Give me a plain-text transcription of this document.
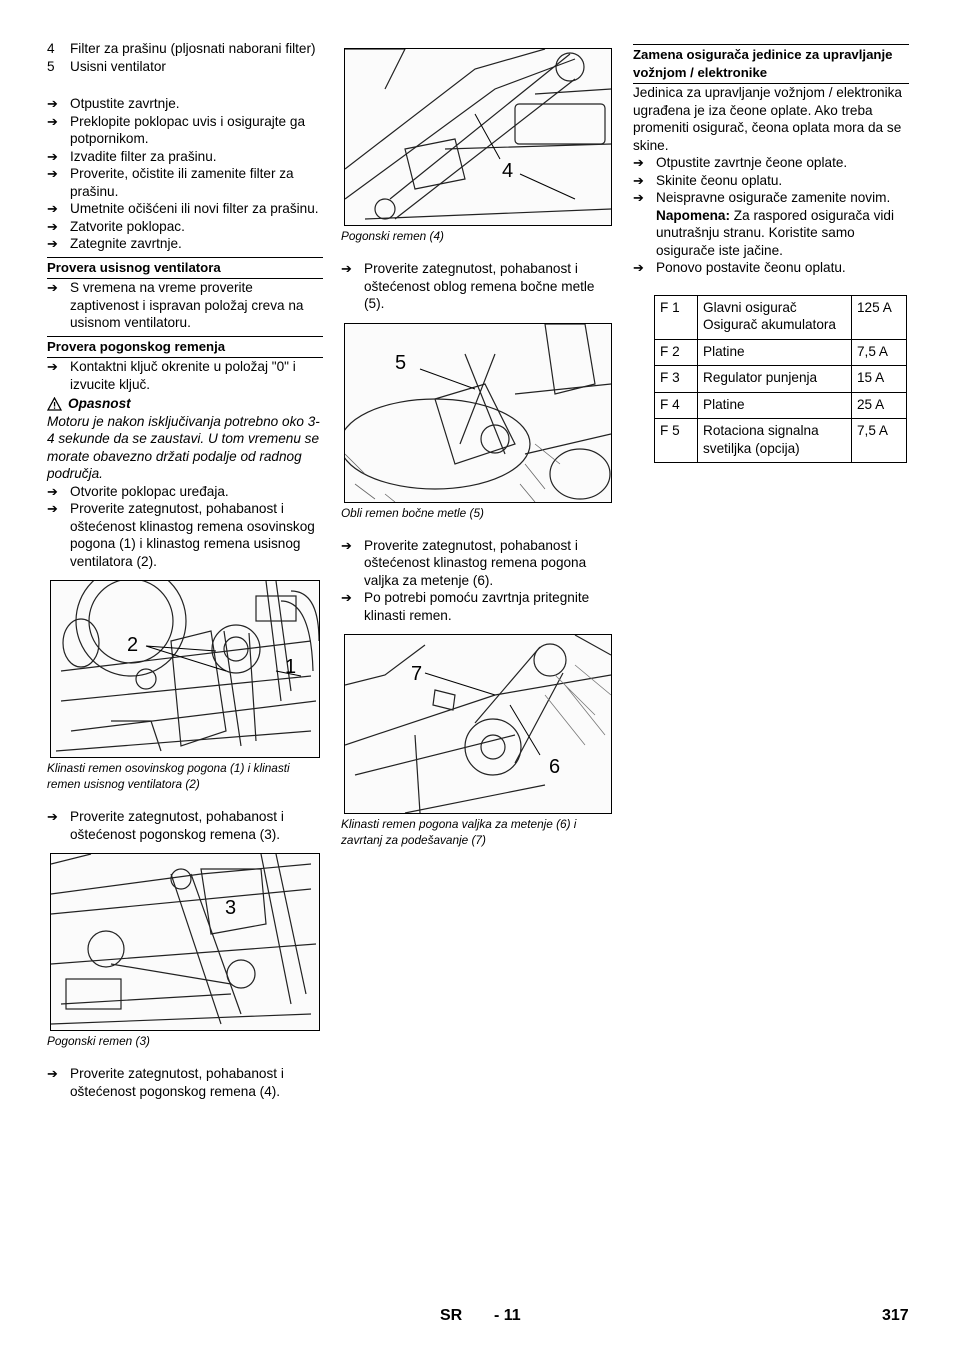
4	Filter za prašinu (pljosnati naborani filter)
5	Usisni ventilator
➔ Otpustite zavrtnje.
➔ Preklopite poklopac uvis i osigurajte ga potpornikom.
➔ Izvadite filter za prašinu.
➔ Proverite, očistite ili zamenite filter za prašinu.
➔ Umetnite očišćeni ili novi filter za prašinu.
➔ Zatvorite poklopac.
➔ Zategnite zavrtnje.
Provera usisnog ventilatora
➔ S vremena na vreme proverite zaptivenost i ispravan položaj creva na usisnom ventilatoru.
Provera pogonskog remenja
➔ Kontaktni ključ okrenite u položaj "0" i izvucite ključ.
Opasnost

Motoru je nakon isključivanja potrebno oko 3-4 sekunde da se zaustavi. U tom vremenu se morate obavezno držati podalje od radnog područja.

➔ Otvorite poklopac uređaja.
➔ Proverite zategnutost, pohabanost i oštećenost klinastog remena osovinskog pogona (1) i klinastog remena usisnog ventilatora (2).
2
1

Klinasti remen osovinskog pogona (1) i klinasti remen usisnog ventilatora (2)

➔ Proverite zategnutost, pohabanost i oštećenost pogonskog remena (3).
3

Pogonski remen (3)

➔ Proverite zategnutost, pohabanost i oštećenost pogonskog remena (4).
4

Pogonski remen (4)

➔ Proverite zategnutost, pohabanost i oštećenost oblog remena bočne metle (5).
5

Obli remen bočne metle (5)

➔ Proverite zategnutost, pohabanost i oštećenost klinastog remena pogona valjka za metenje (6).
➔ Po potrebi pomoću zavrtnja pritegnite klinasti remen.
7
6

Klinasti remen pogona valjka za metenje (6) i zavrtanj za podešavanje (7)

Zamena osigurača jedinice za upravljanje vožnjom / elektronike

Jedinica za upravljanje vožnjom / elektronika ugrađena je iza čeone oplate. Ako treba promeniti osigurač, čeona oplata mora da se skine.

➔ Otpustite zavrtnje čeone oplate.
➔ Skinite čeonu oplatu.
➔ Neispravne osigurače zamenite novim.

Napomena: Za raspored osigurača vidi unutrašnju stranu. Koristite samo osigurače iste jačine.

➔ Ponovo postavite čeonu oplatu.
F 1	Glavni osigurač Osigurač akumulatora	125 A
F 2	Platine	7,5 A
F 3	Regulator punjenja	15 A
F 4	Platine	25 A
F 5	Rotaciona signalna svetiljka (opcija)	7,5 A
SR - 11	317
